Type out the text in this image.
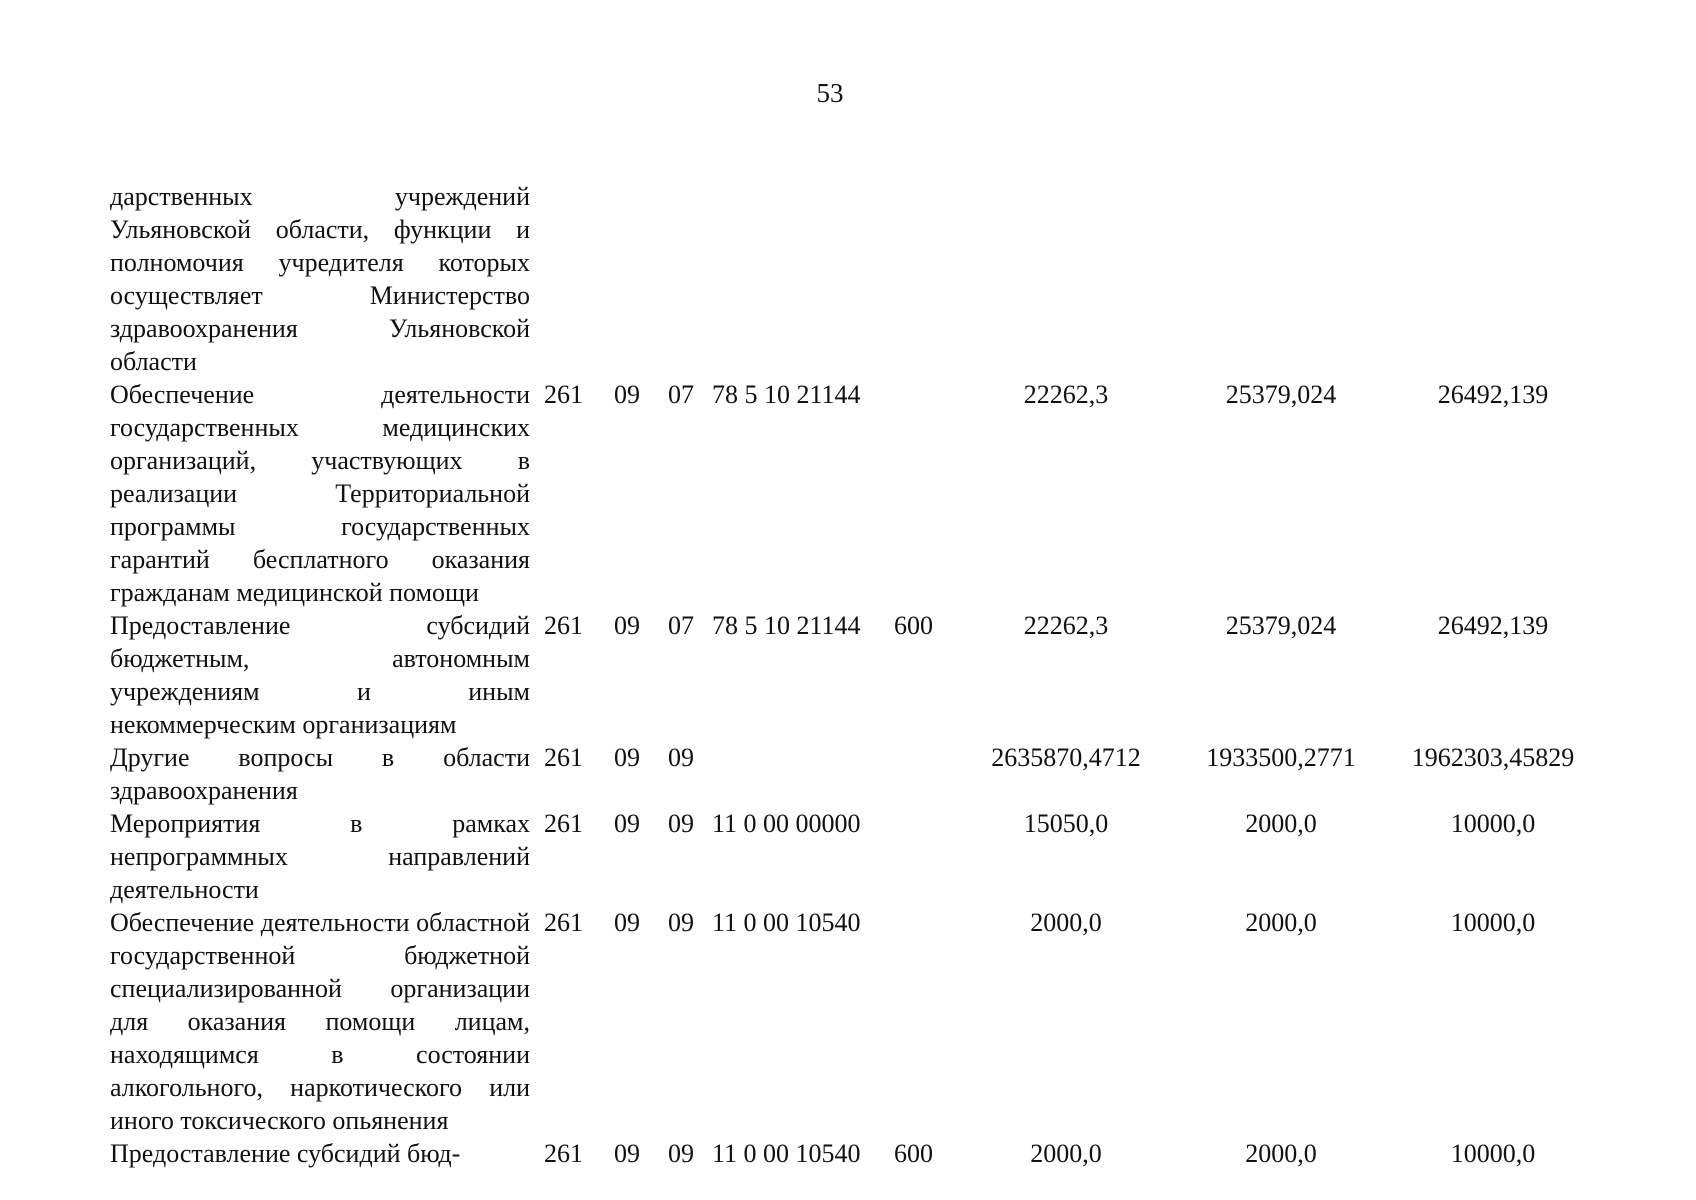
53
дарственных учреждений Ульяновской области, функции и полномочия учредителя которых осуществляет Министерство здравоохранения Ульяновской области								
Обеспечение деятельности государственных медицинских организаций, участвующих в реализации Территориальной программы государственных гарантий бесплатного оказания гражданам медицинской помощи	261	09	07	78 5 10 21144		22262,3	25379,024	26492,139
Предоставление субсидий бюджетным, автономным учреждениям и иным некоммерческим организациям	261	09	07	78 5 10 21144	600	22262,3	25379,024	26492,139
Другие вопросы в области здравоохранения	261	09	09			2635870,4712	1933500,2771	1962303,45829
Мероприятия в рамках непрограммных направлений деятельности	261	09	09	11 0 00 00000		15050,0	2000,0	10000,0
Обеспечение деятельности областной государственной бюджетной специализированной организации для оказания помощи лицам, находящимся в состоянии алкогольного, наркотического или иного токсического опьянения	261	09	09	11 0 00 10540		2000,0	2000,0	10000,0
Предоставление субсидий бюд-	261	09	09	11 0 00 10540	600	2000,0	2000,0	10000,0
